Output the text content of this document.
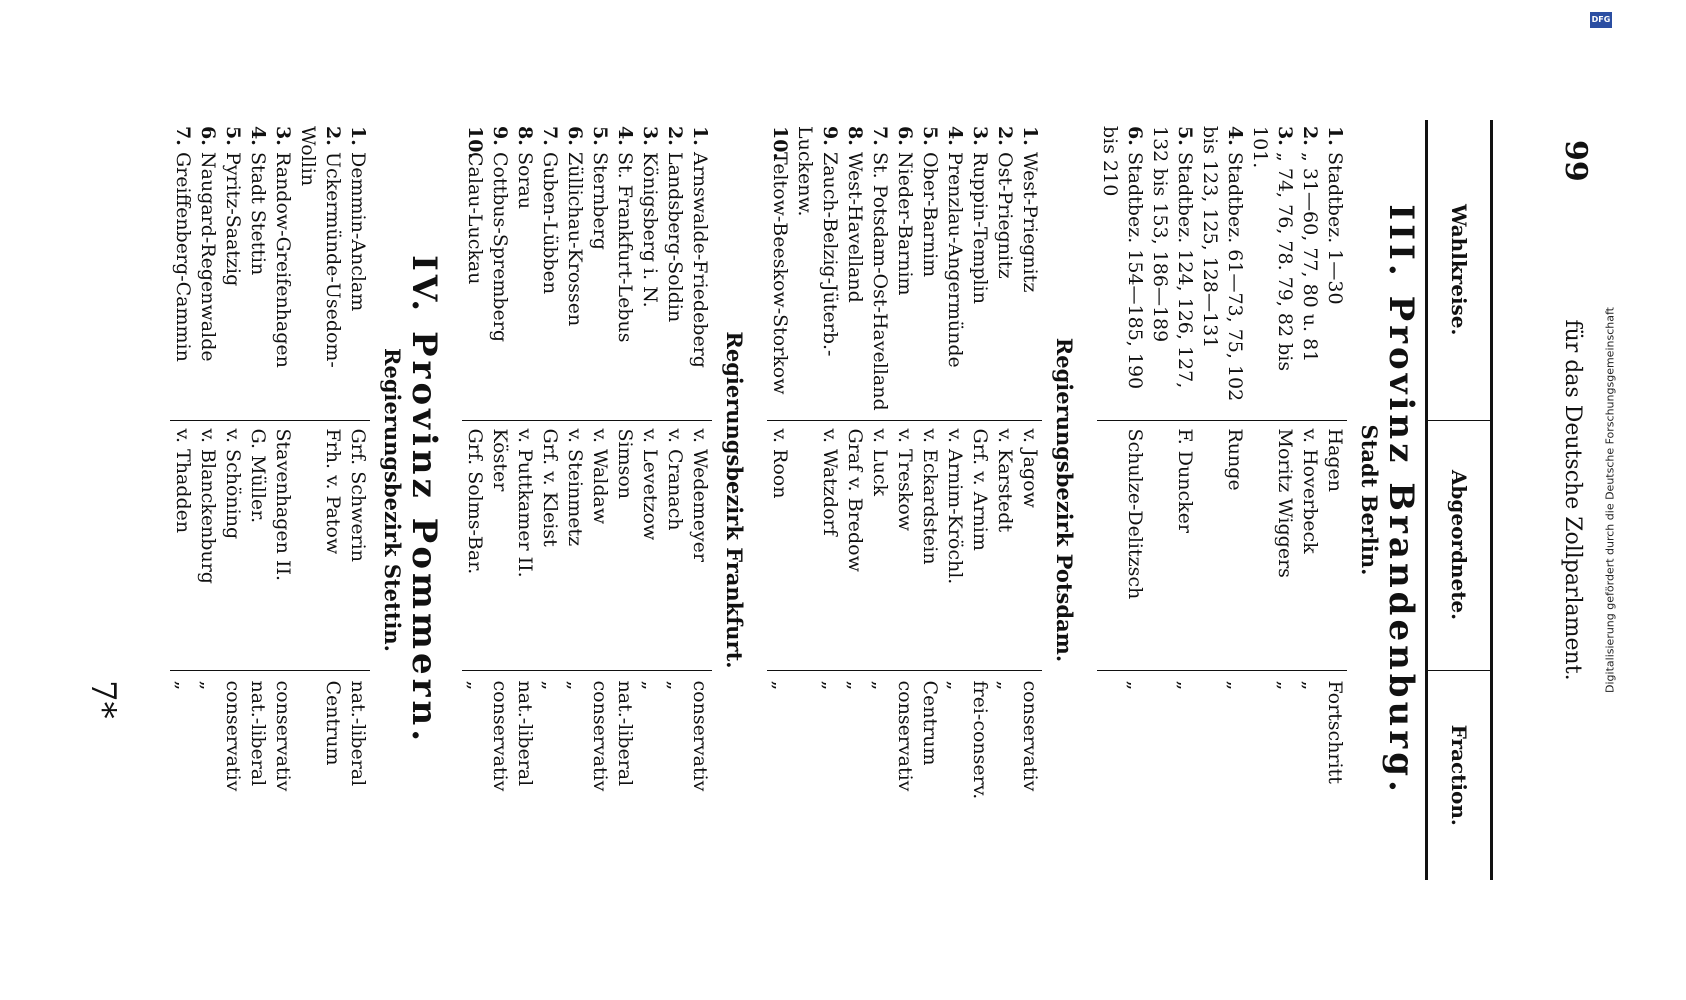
99
für das Deutsche Zollparlament.
Wahlkreise.	Abgeordnete.	Fraction.
III. Provinz Brandenburg.		
Stadt Berlin.		
1.Stadtbez. 1—30	Hagen	Fortschritt
2.„ 31—60, 77, 80 u. 81	v. Hoverbeck	„
3.„ 74, 76, 78. 79, 82 bis 101.	Moritz Wiggers	„
4.Stadtbez. 61—73, 75, 102 bis 123, 125, 128—131	Runge	„
5.Stadtbez. 124, 126, 127, 132 bis 153, 186—189	F. Duncker	„
6.Stadtbez. 154—185, 190 bis 210	Schulze-Delitzsch	„

Regierungsbezirk Potsdam.		
1.West-Priegnitz	v. Jagow	conservativ
2.Ost-Priegnitz	v. Karstedt	„
3.Ruppin-Templin	Grf. v. Arnim	frei-conserv.
4.Prenzlau-Angermünde	v. Arnim-Kröchl.	„
5.Ober-Barnim	v. Eckardstein	Centrum
6.Nieder-Barnim	v. Treskow	conservativ
7.St. Potsdam-Ost-Havelland	v. Luck	„
8.West-Havelland	Graf v. Bredow	„
9.Zauch-Belzig-Jüterb.-Luckenw.	v. Watzdorf	„
10.Teltow-Beeskow-Storkow	v. Roon	„

Regierungsbezirk Frankfurt.		
1.Arnswalde-Friedeberg	v. Wedemeyer	conservativ
2.Landsberg-Soldin	v. Cranach	„
3.Königsberg i. N.	v. Levetzow	„
4.St. Frankfurt-Lebus	Simson	nat.-liberal
5.Sternberg	v. Waldaw	conservativ
6.Züllichau-Krossen	v. Steinmetz	„
7.Guben-Lübben	Grf. v. Kleist	„
8.Sorau	v. Puttkamer II.	nat.-liberal
9.Cottbus-Spremberg	Köster	conservativ
10.Calau-Luckau	Grf. Solms-Bar.	„

IV. Provinz Pommern.		
Regierungsbezirk Stettin.		
1.Demmin-Anclam	Grf. Schwerin	nat.-liberal
2.Uckermünde-Usedom-Wollin	Frh. v. Patow	Centrum
3.Randow-Greifenhagen	Stavenhagen II.	conservativ
4.Stadt Stettin	G. Müller.	nat.-liberal
5.Pyritz-Saatzig	v. Schöning	conservativ
6.Naugard-Regenwalde	v. Blanckenburg	„
7.Greiffenberg-Cammin	v. Thadden	„

7*
DFG
Digitalisierung gefördert durch die Deutsche Forschungsgemeinschaft
